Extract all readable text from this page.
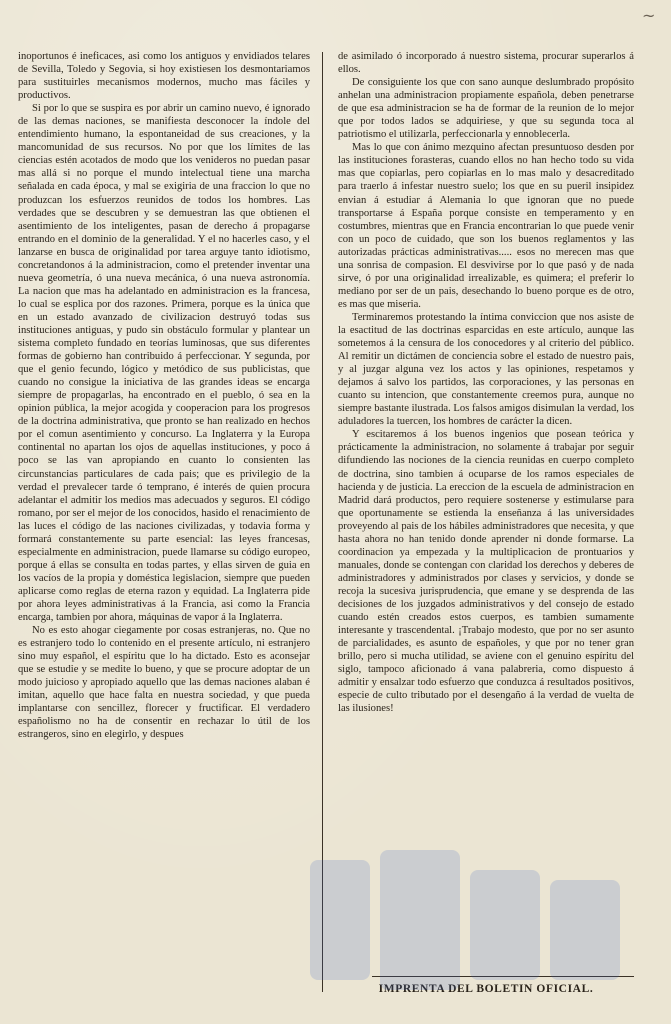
~

inoportunos é ineficaces, asi como los antiguos y envidiados telares de Sevilla, Toledo y Segovia, si hoy existiesen los desmontariamos para sustituirles mecanismos modernos, mucho mas fáciles y productivos.

Si por lo que se suspira es por abrir un camino nuevo, é ignorado de las demas naciones, se manifiesta desconocer la índole del entendimiento humano, la espontaneidad de sus creaciones, y la mancomunidad de sus recursos. No por que los límites de las ciencias estén acotados de modo que los venideros no puedan pasar mas allá si no porque el mundo intelectual tiene una marcha señalada en cada época, y mal se exigiria de una fraccion lo que no produzcan los esfuerzos reunidos de todos los hombres. Las verdades que se descubren y se demuestran las que obtienen el asentimiento de los inteligentes, pasan de derecho á propagarse entrando en el dominio de la generalidad. Y el no hacerles caso, y el lanzarse en busca de originalidad por tarea arguye tanto idiotismo, concretandonos á la administracion, como el pretender inventar una nueva geometría, ó una nueva mecánica, ó una nueva astronomía. La nacion que mas ha adelantado en administracion es la francesa, lo cual se esplica por dos razones. Primera, porque es la única que en un estado avanzado de civilizacion destruyó todas sus instituciones antiguas, y pudo sin obstáculo formular y plantear un sistema completo fundado en teorías luminosas, que sus diferentes formas de gobierno han contribuido á perfeccionar. Y segunda, por que el genio fecundo, lógico y metódico de sus publicistas, que cuando no consigue la iniciativa de las grandes ideas se encarga siempre de propagarlas, ha encontrado en el pueblo, ó sea en la opinion pública, la mejor acogida y cooperacion para los progresos de la doctrina administrativa, que pronto se han realizado en hechos por el comun asentimiento y concurso. La Inglaterra y la Europa continental no apartan los ojos de aquellas instituciones, y poco á poco se las van apropiando en cuanto lo consienten las circunstancias particulares de cada pais; que es privilegio de la verdad el prevalecer tarde ó temprano, é interés de quien procura adelantar el admitir los medios mas adecuados y seguros. El código romano, por ser el mejor de los conocidos, hasido el renacimiento de las luces el código de las naciones civilizadas, y todavia forma y formará constantemente su parte esencial: las leyes francesas, especialmente en administracion, puede llamarse su código europeo, porque á ellas se consulta en todas partes, y ellas sirven de guia en los vacíos de la propia y doméstica legislacion, siempre que pueden aplicarse como reglas de eterna razon y equidad. La Inglaterra pide por ahora leyes administrativas á la Francia, asi como la Francia encarga, tambien por ahora, máquinas de vapor á la Inglaterra.

No es esto ahogar ciegamente por cosas estranjeras, no. Que no es estranjero todo lo contenido en el presente artículo, ni estranjero sino muy español, el espíritu que lo ha dictado. Esto es aconsejar que se estudie y se medite lo bueno, y que se procure adoptar de un modo juicioso y apropiado aquello que las demas naciones alaban é imitan, aquello que hace falta en nuestra sociedad, y que pueda implantarse con sencillez, florecer y fructificar. El verdadero españolismo no ha de consentir en rechazar lo útil de los estrangeros, sino en elegirlo, y despues

de asimilado ó incorporado á nuestro sistema, procurar superarlos á ellos.

De consiguiente los que con sano aunque deslumbrado propósito anhelan una administracion propiamente española, deben penetrarse de que esa administracion se ha de formar de la reunion de lo mejor que por todos lados se adquiriese, y que su segunda toca al patriotismo el utilizarla, perfeccionarla y ennoblecerla.

Mas lo que con ánimo mezquino afectan presuntuoso desden por las instituciones forasteras, cuando ellos no han hecho todo su vida mas que copiarlas, pero copiarlas en lo mas malo y desacreditado para traerlo á infestar nuestro suelo; los que en su pueril insipidez envian á estudiar á Alemania lo que ignoran que no puede transportarse á España porque consiste en temperamento y en costumbres, mientras que en Francia encontrarian lo que puede venir con un poco de cuidado, que son los buenos reglamentos y las autorizadas prácticas administrativas..... esos no merecen mas que una sonrisa de compasion. El desvivirse por lo que pasó y de nada sirve, ó por una originalidad irrealizable, es quimera; el preferir lo mediano por ser de un pais, desechando lo bueno porque es de otro, es mas que miseria.

Terminaremos protestando la íntima conviccion que nos asiste de la esactitud de las doctrinas esparcidas en este artículo, aunque las sometemos á la censura de los conocedores y al criterio del público. Al remitir un dictámen de conciencia sobre el estado de nuestro pais, y al juzgar alguna vez los actos y las opiniones, respetamos y dejamos á salvo los partidos, las corporaciones, y las personas en cuanto su intencion, que constantemente creemos pura, aunque no siempre bastante ilustrada. Los falsos amigos disimulan la verdad, los aduladores la tuercen, los hombres de carácter la dicen.

Y escitaremos á los buenos ingenios que posean teórica y prácticamente la administracion, no solamente á trabajar por seguir difundiendo las nociones de la ciencia reunidas en cuerpo completo de doctrina, sino tambien á ocuparse de los ramos especiales de hacienda y de justicia. La ereccion de la escuela de administracion en Madrid dará productos, pero requiere sostenerse y estimularse para que oportunamente se estienda la enseñanza á las universidades proveyendo al pais de los hábiles administradores que necesita, y que hasta ahora no han tenido donde aprender ni donde formarse. La coordinacion ya empezada y la multiplicacion de prontuarios y manuales, donde se contengan con claridad los derechos y deberes de administradores y administrados por clases y servicios, y donde se recoja la sucesiva jurisprudencia, que emane y se desprenda de las decisiones de los juzgados administrativos y del consejo de estado cuando estén creados estos cuerpos, es tambien sumamente interesante y trascendental. ¡Trabajo modesto, que por no ser asunto de parcialidades, es asunto de españoles, y que por no tener gran brillo, pero si mucha utilidad, se aviene con el genuino espíritu del siglo, tampoco aficionado á vana palabreria, como dispuesto á admitir y ensalzar todo esfuerzo que conduzca á resultados positivos, especie de culto tributado por el desengaño á la verdad de vuelta de las ilusiones!

IMPRENTA DEL BOLETIN OFICIAL.
